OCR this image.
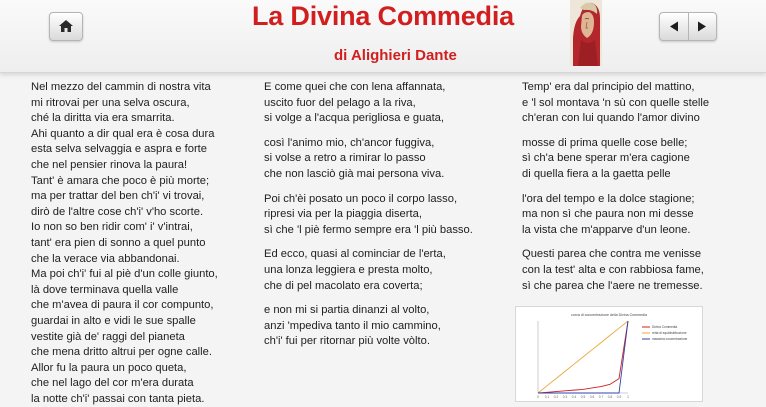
La Divina Commedia
di Alighieri Dante
Nel mezzo del cammin di nostra vita
mi ritrovai per una selva oscura,
ché la diritta via era smarrita.
Ahi quanto a dir qual era è cosa dura
esta selva selvaggia e aspra e forte
che nel pensier rinova la paura!
Tant' è amara che poco è più morte;
ma per trattar del ben ch'i' vi trovai,
dirò de l'altre cose ch'i' v'ho scorte.
Io non so ben ridir com' i' v'intrai,
tant' era pien di sonno a quel punto
che la verace via abbandonai.
Ma poi ch'i' fui al piè d'un colle giunto,
là dove terminava quella valle
che m'avea di paura il cor compunto,
guardai in alto e vidi le sue spalle
vestite già de' raggi del pianeta
che mena dritto altrui per ogne calle.
Allor fu la paura un poco queta,
che nel lago del cor m'era durata
la notte ch'i' passai con tanta pieta.
E come quei che con lena affannata,
uscito fuor del pelago a la riva,
si volge a l'acqua perigliosa e guata,
così l'animo mio, ch'ancor fuggiva,
si volse a retro a rimirar lo passo
che non lasciò già mai persona viva.
Poi ch'èi posato un poco il corpo lasso,
ripresi via per la piaggia diserta,
sì che 'l piè fermo sempre era 'l più basso.
Ed ecco, quasi al cominciar de l'erta,
una lonza leggiera e presta molto,
che di pel macolato era coverta;
e non mi si partia dinanzi al volto,
anzi 'mpediva tanto il mio cammino,
ch'i' fui per ritornar più volte vòlto.
Temp' era dal principio del mattino,
e 'l sol montava 'n sù con quelle stelle
ch'eran con lui quando l'amor divino
mosse di prima quelle cose belle;
sì ch'a bene sperar m'era cagione
di quella fiera a la gaetta pelle
l'ora del tempo e la dolce stagione;
ma non sì che paura non mi desse
la vista che m'apparve d'un leone.
Questi parea che contra me venisse
con la test' alta e con rabbiosa fame,
sì che parea che l'aere ne tremesse.
curva di concentrazione della Divina Commedia
0 0.1 0.2 0.3 0.4 0.5 0.6 0.7 0.8 0.9 1
Divina Commedia
retta di equidistribuzione
massima concentrazione
